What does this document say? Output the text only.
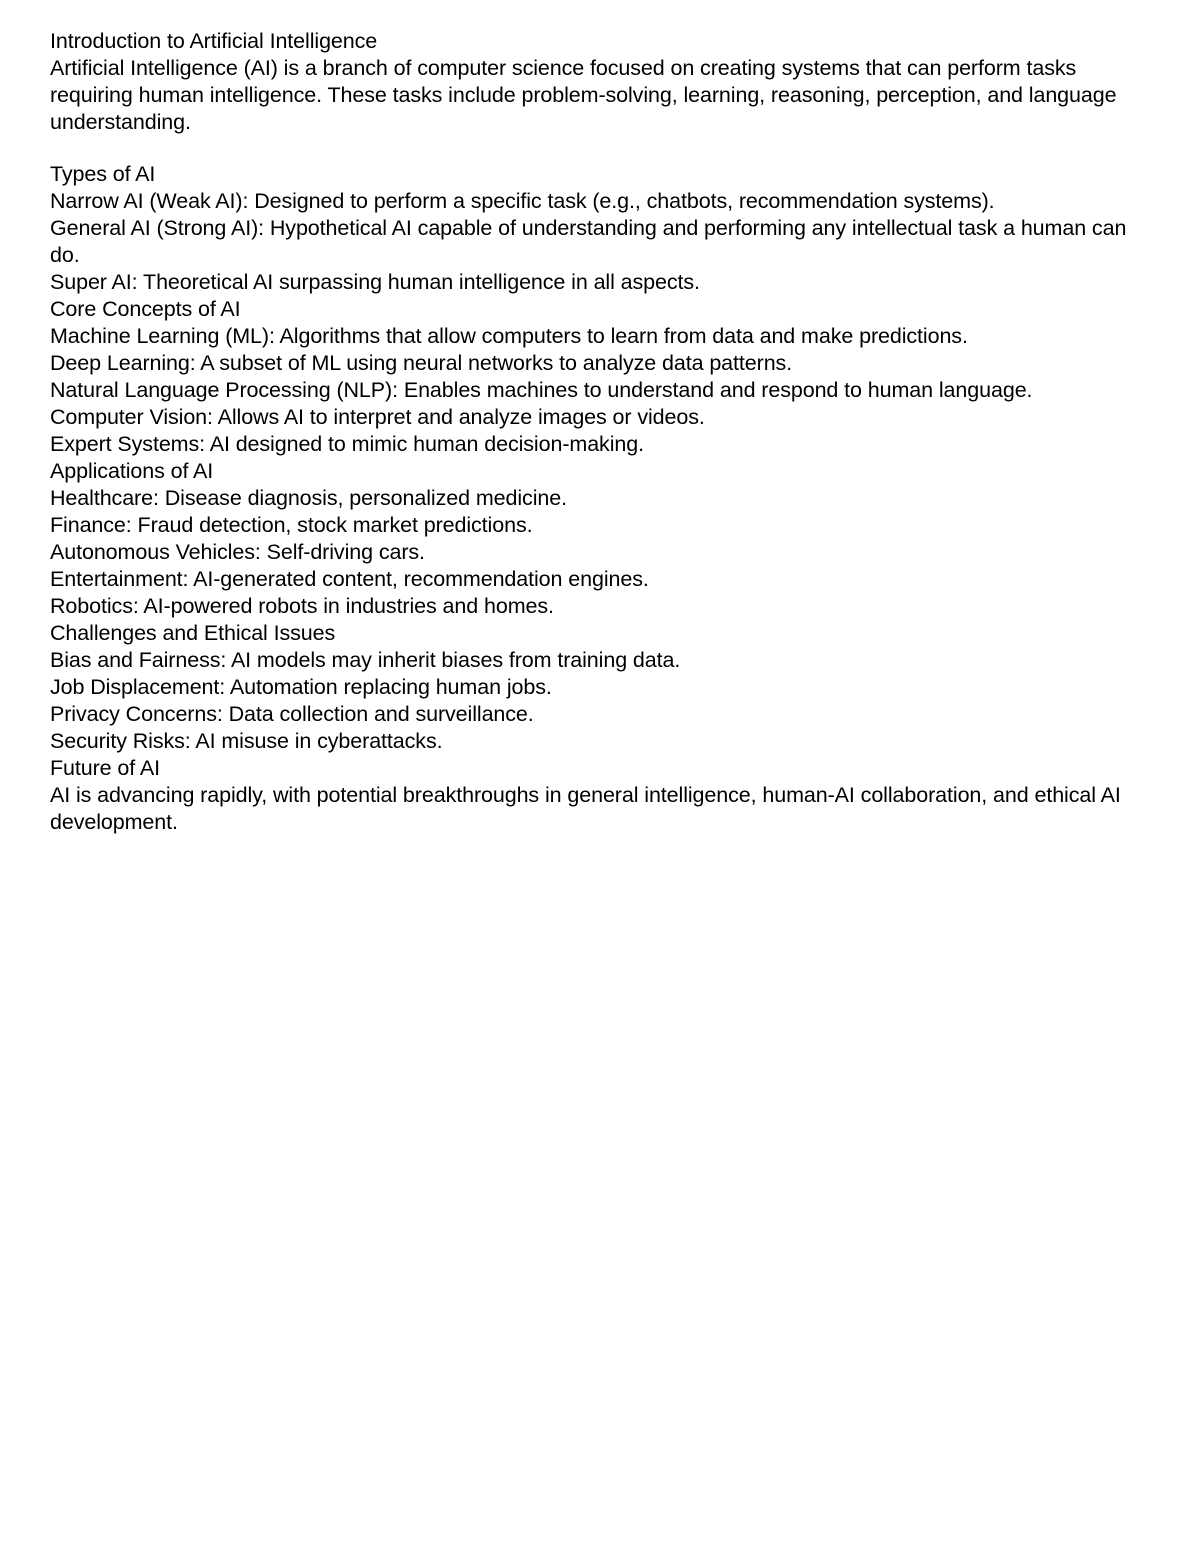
Introduction to Artificial Intelligence
Artificial Intelligence (AI) is a branch of computer science focused on creating systems that can perform tasks requiring human intelligence. These tasks include problem-solving, learning, reasoning, perception, and language understanding.
Types of AI
Narrow AI (Weak AI): Designed to perform a specific task (e.g., chatbots, recommendation systems).
General AI (Strong AI): Hypothetical AI capable of understanding and performing any intellectual task a human can do.
Super AI: Theoretical AI surpassing human intelligence in all aspects.
Core Concepts of AI
Machine Learning (ML): Algorithms that allow computers to learn from data and make predictions.
Deep Learning: A subset of ML using neural networks to analyze data patterns.
Natural Language Processing (NLP): Enables machines to understand and respond to human language.
Computer Vision: Allows AI to interpret and analyze images or videos.
Expert Systems: AI designed to mimic human decision-making.
Applications of AI
Healthcare: Disease diagnosis, personalized medicine.
Finance: Fraud detection, stock market predictions.
Autonomous Vehicles: Self-driving cars.
Entertainment: AI-generated content, recommendation engines.
Robotics: AI-powered robots in industries and homes.
Challenges and Ethical Issues
Bias and Fairness: AI models may inherit biases from training data.
Job Displacement: Automation replacing human jobs.
Privacy Concerns: Data collection and surveillance.
Security Risks: AI misuse in cyberattacks.
Future of AI
AI is advancing rapidly, with potential breakthroughs in general intelligence, human-AI collaboration, and ethical AI development.
